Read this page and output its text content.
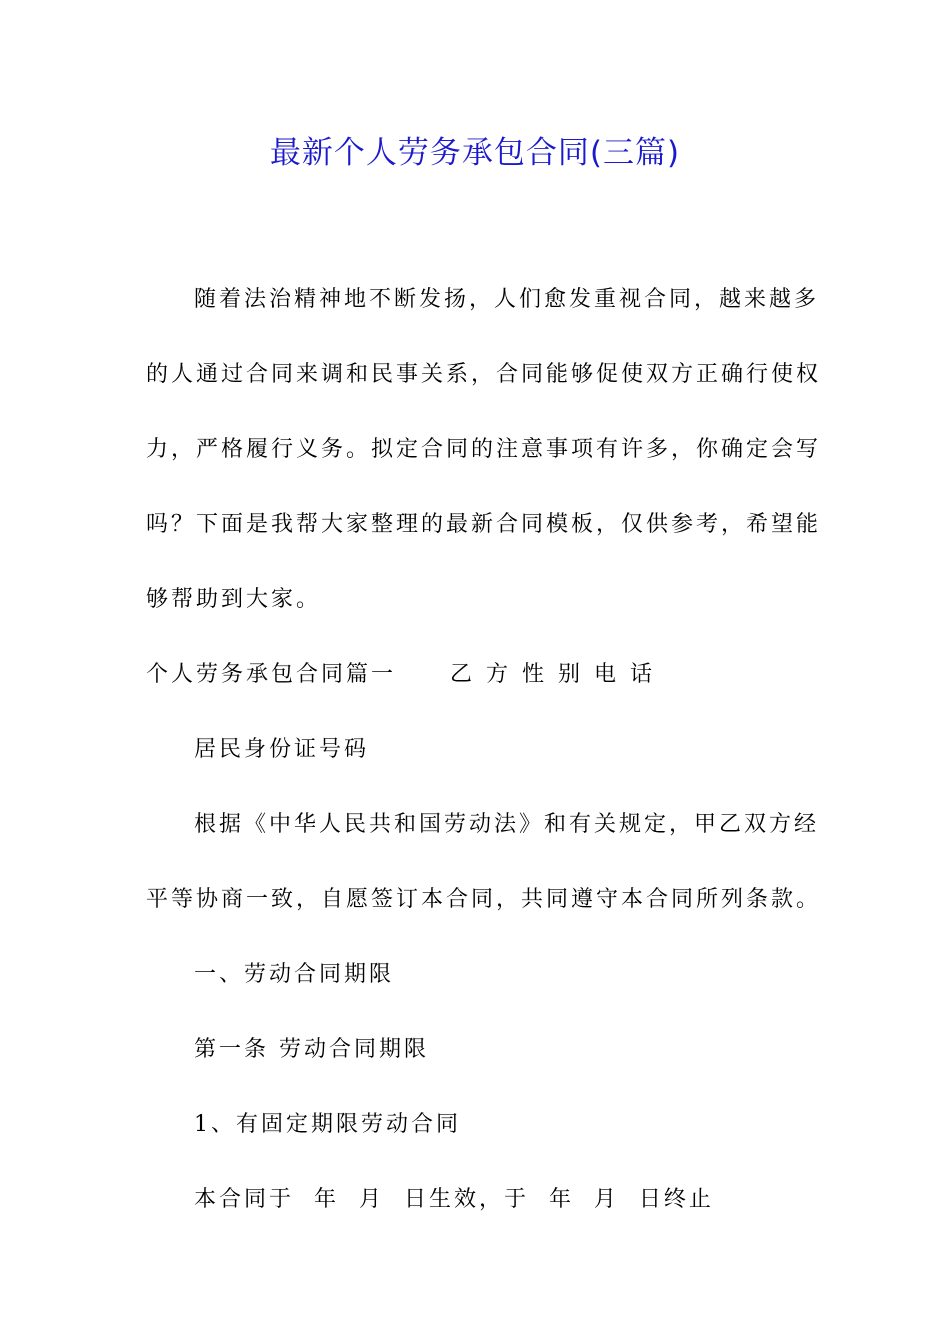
最新个人劳务承包合同(三篇)

随着法治精神地不断发扬，人们愈发重视合同，越来越多
的人通过合同来调和民事关系，合同能够促使双方正确行使权
力，严格履行义务。拟定合同的注意事项有许多，你确定会写
吗？下面是我帮大家整理的最新合同模板，仅供参考，希望能
够帮助到大家。

个人劳务承包合同篇一 乙方性别电话

居民身份证号码

根据《中华人民共和国劳动法》和有关规定，甲乙双方经
平等协商一致，自愿签订本合同，共同遵守本合同所列条款。

一、劳动合同期限

第一条 劳动合同期限

1、有固定期限劳动合同

本合同于  年  月  日生效，于  年  月  日终止
